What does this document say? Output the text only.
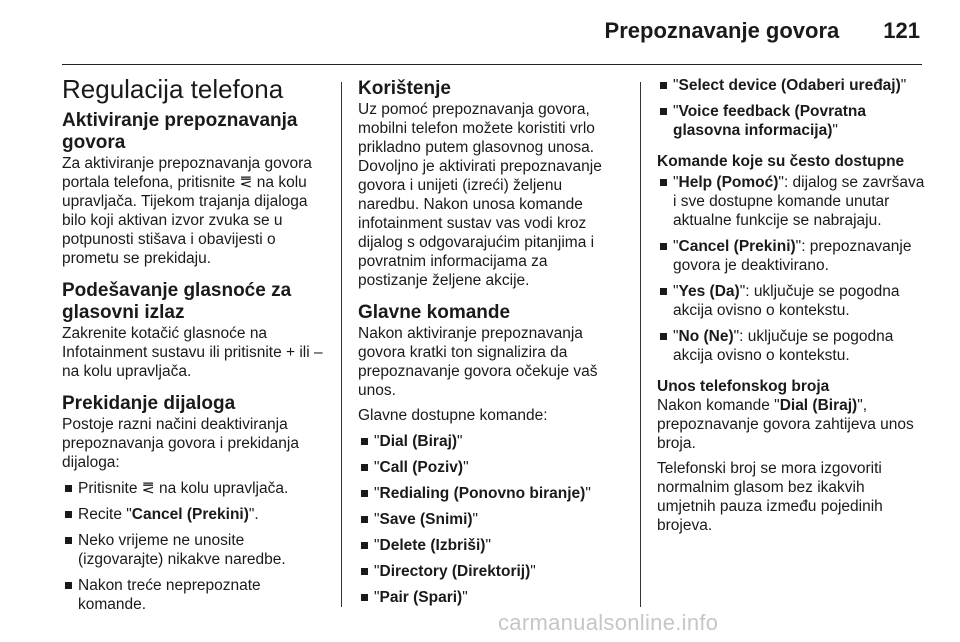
Prepoznavanje govora 121
Regulacija telefona
Aktiviranje prepoznavanja govora

Za aktiviranje prepoznavanja govora portala telefona, pritisnite ⪙ na kolu upravljača. Tijekom trajanja dijaloga bilo koji aktivan izvor zvuka se u potpunosti stišava i obavijesti o prometu se prekidaju.

Podešavanje glasnoće za glasovni izlaz

Zakrenite kotačić glasnoće na Infotainment sustavu ili pritisnite + ili – na kolu upravljača.

Prekidanje dijaloga

Postoje razni načini deaktiviranja prepoznavanja govora i prekidanja dijaloga:

Pritisnite ⪙ na kolu upravljača.
Recite "Cancel (Prekini)".
Neko vrijeme ne unosite (izgovarajte) nikakve naredbe.
Nakon treće neprepoznate komande.
Korištenje

Uz pomoć prepoznavanja govora, mobilni telefon možete koristiti vrlo prikladno putem glasovnog unosa. Dovoljno je aktivirati prepoznavanje govora i unijeti (izreći) željenu naredbu. Nakon unosa komande infotainment sustav vas vodi kroz dijalog s odgovarajućim pitanjima i povratnim informacijama za postizanje željene akcije.

Glavne komande

Nakon aktiviranje prepoznavanja govora kratki ton signalizira da prepoznavanje govora očekuje vaš unos.

Glavne dostupne komande:

"Dial (Biraj)"
"Call (Poziv)"
"Redialing (Ponovno biranje)"
"Save (Snimi)"
"Delete (Izbriši)"
"Directory (Direktorij)"
"Pair (Spari)"
"Select device (Odaberi uređaj)"
"Voice feedback (Povratna glasovna informacija)"
Komande koje su često dostupne
"Help (Pomoć)": dijalog se završava i sve dostupne komande unutar aktualne funkcije se nabrajaju.
"Cancel (Prekini)": prepoznavanje govora je deaktivirano.
"Yes (Da)": uključuje se pogodna akcija ovisno o kontekstu.
"No (Ne)": uključuje se pogodna akcija ovisno o kontekstu.
Unos telefonskog broja

Nakon komande "Dial (Biraj)", prepoznavanje govora zahtijeva unos broja.

Telefonski broj se mora izgovoriti normalnim glasom bez ikakvih umjetnih pauza između pojedinih brojeva.

carmanualsonline.info
